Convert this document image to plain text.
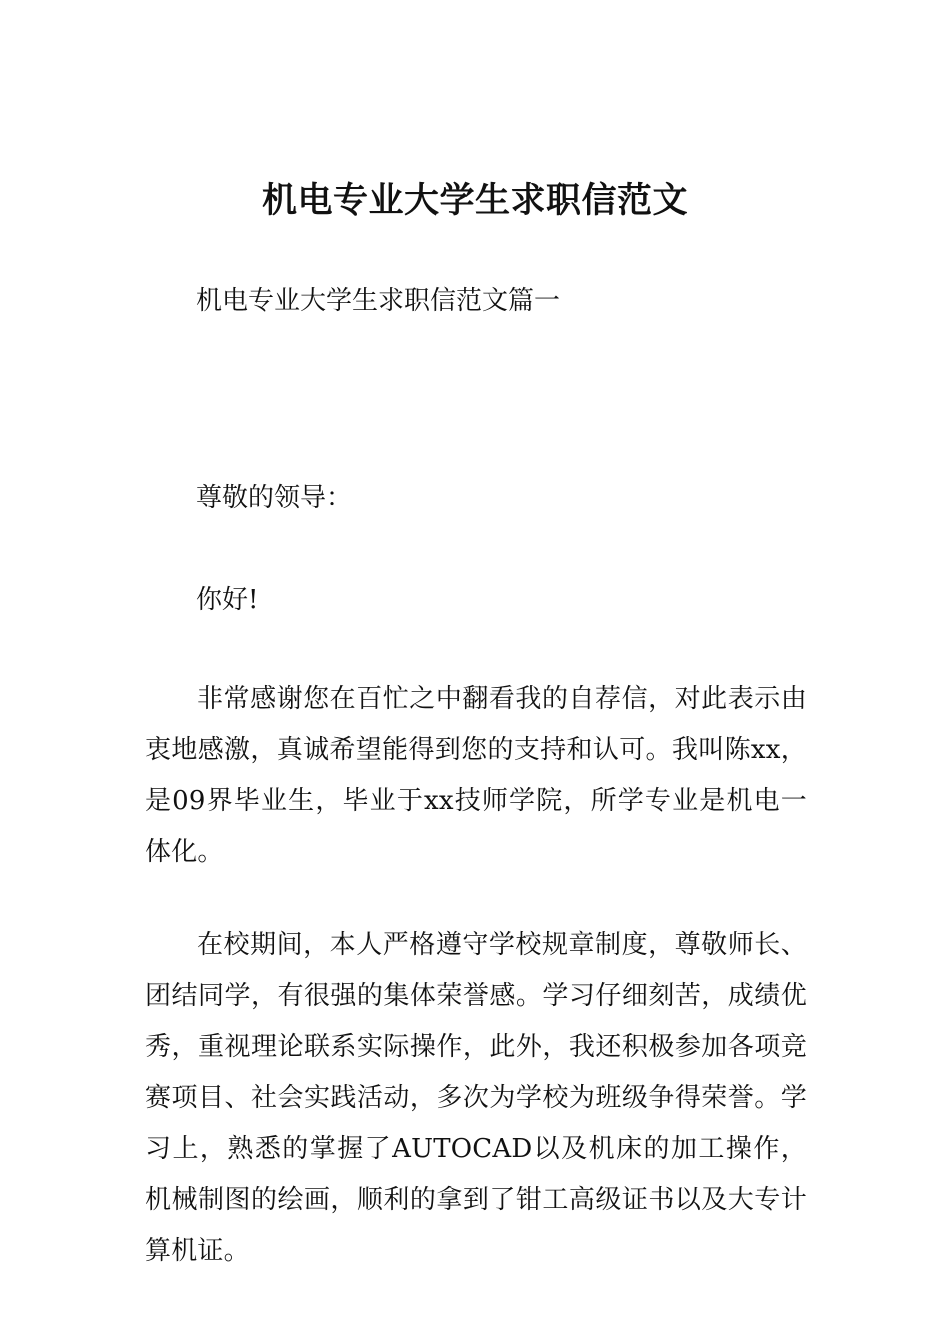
机电专业大学生求职信范文
机电专业大学生求职信范文篇一
尊敬的领导：
你好!
非常感谢您在百忙之中翻看我的自荐信，对此表示由衷地感激，真诚希望能得到您的支持和认可。我叫陈xx，是09界毕业生，毕业于xx技师学院，所学专业是机电一体化。
在校期间，本人严格遵守学校规章制度，尊敬师长、团结同学，有很强的集体荣誉感。学习仔细刻苦，成绩优秀，重视理论联系实际操作，此外，我还积极参加各项竞赛项目、社会实践活动，多次为学校为班级争得荣誉。学习上，熟悉的掌握了AUTOCAD以及机床的加工操作，机械制图的绘画，顺利的拿到了钳工高级证书以及大专计算机证。
